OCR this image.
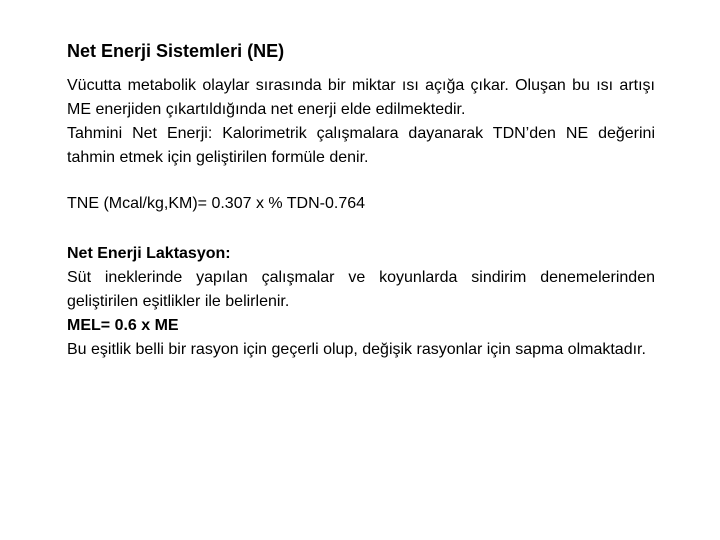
Net Enerji Sistemleri (NE)

Vücutta metabolik olaylar sırasında bir miktar ısı açığa çıkar. Oluşan bu ısı artışı ME enerjiden çıkartıldığında net enerji elde edilmektedir.

Tahmini Net Enerji: Kalorimetrik çalışmalara dayanarak TDN’den NE değerini tahmin etmek için geliştirilen formüle denir.

TNE (Mcal/kg,KM)= 0.307 x % TDN-0.764

Net Enerji Laktasyon:

Süt ineklerinde yapılan çalışmalar ve koyunlarda sindirim denemelerinden geliştirilen eşitlikler ile belirlenir.

MEL= 0.6 x ME

Bu eşitlik belli bir rasyon için geçerli olup, değişik rasyonlar için sapma olmaktadır.
